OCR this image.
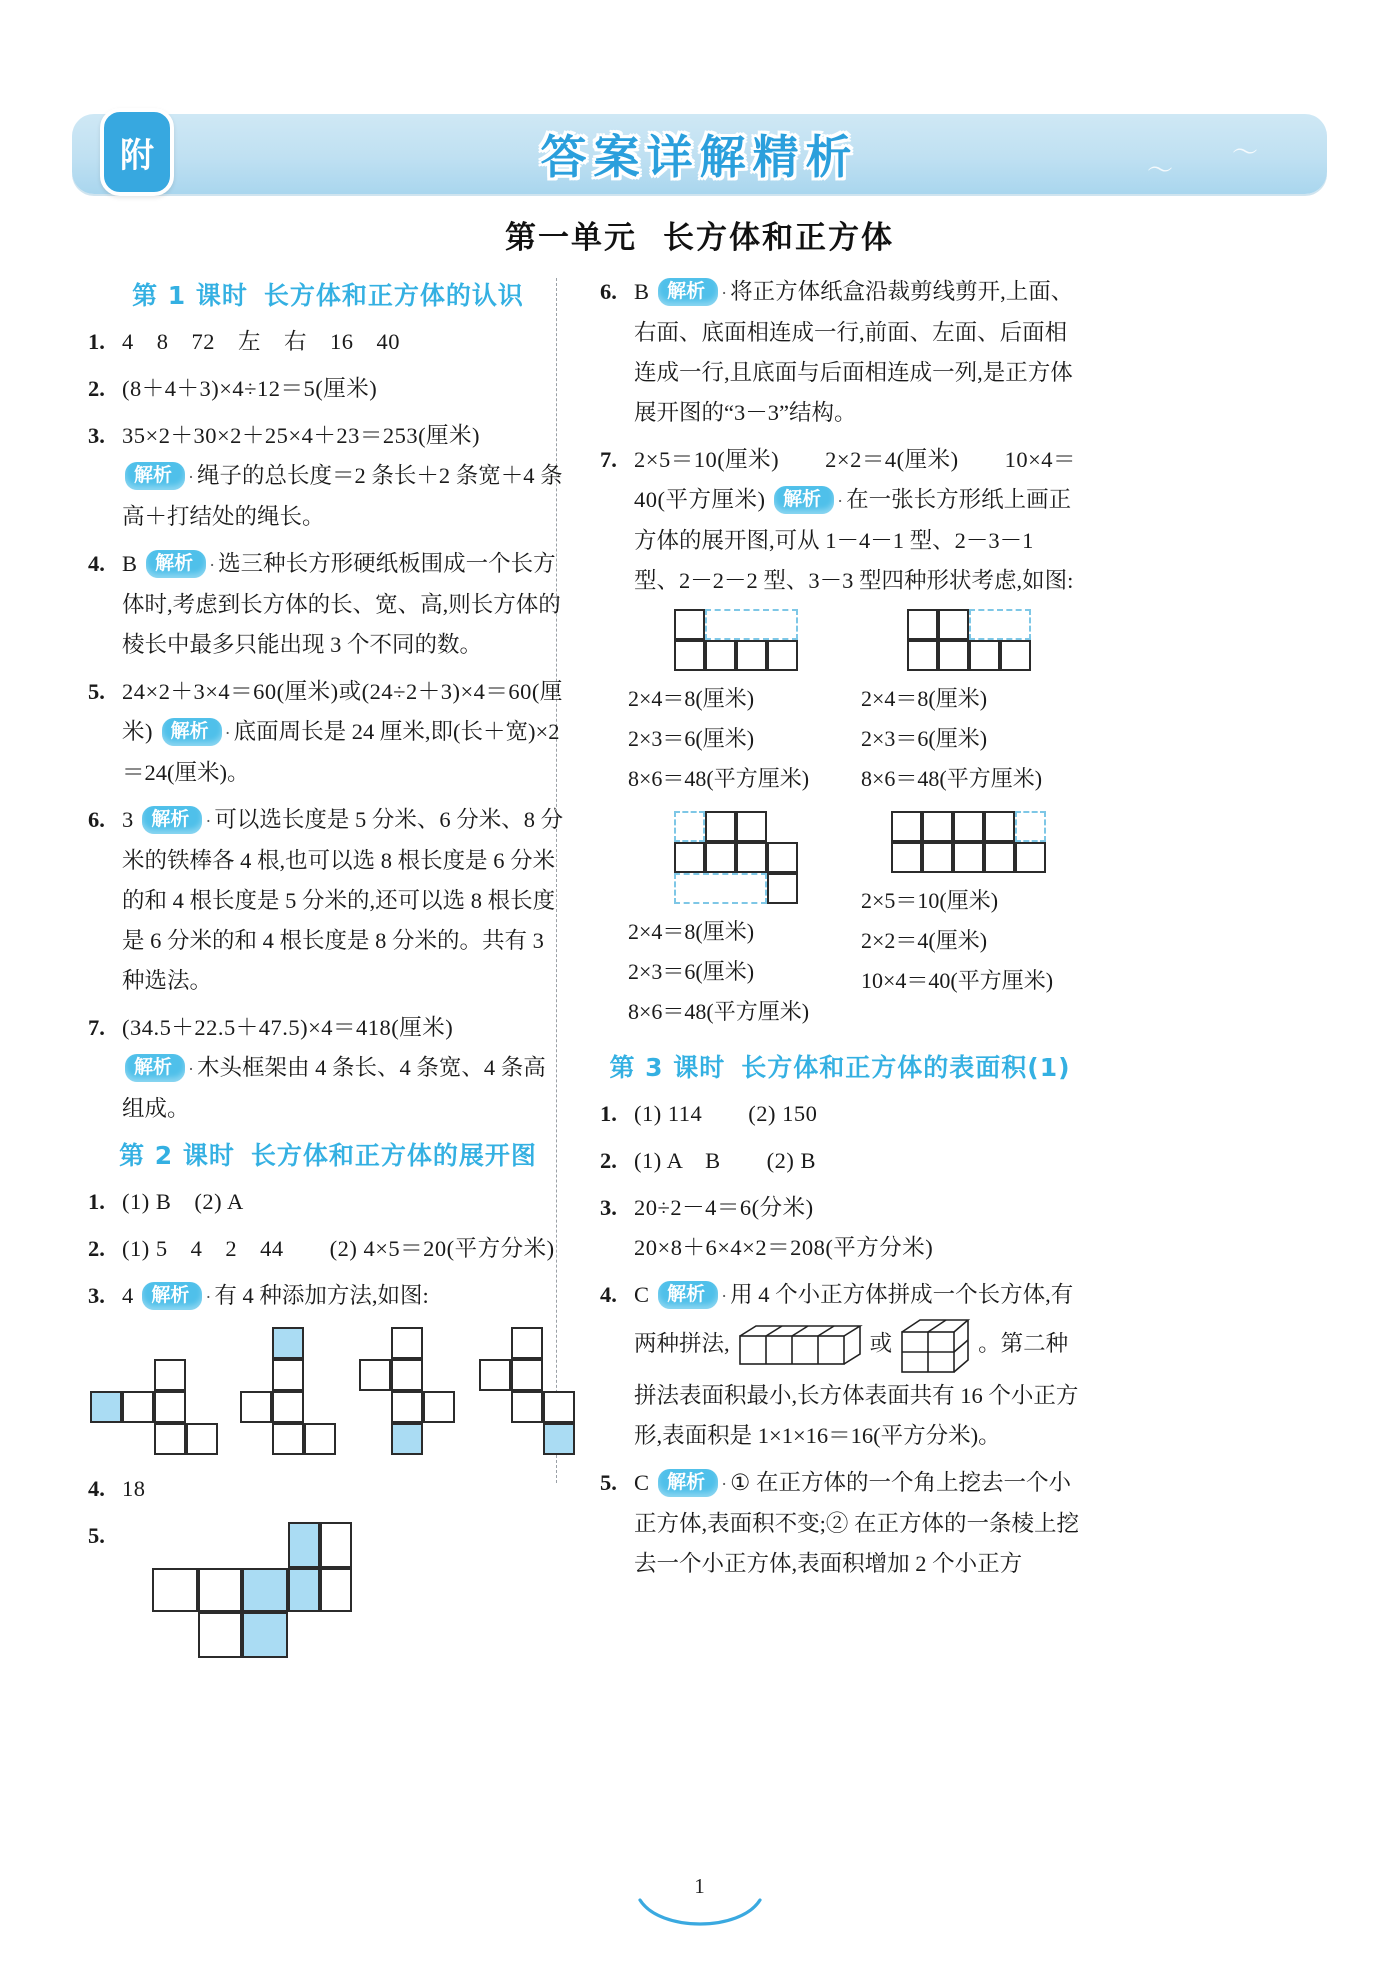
答案详解精析	〜
〜
附
第一单元 长方体和正方体
第 1 课时 长方体和正方体的认识
1. 4　8　72　左　右　16　40
2. (8＋4＋3)×4÷12＝5(厘米)
3. 35×2＋30×2＋25×4＋23＝253(厘米)
解析 · 绳子的总长度＝2 条长＋2 条宽＋4 条高＋打结处的绳长。
4. B 解析 · 选三种长方形硬纸板围成一个长方体时,考虑到长方体的长、宽、高,则长方体的棱长中最多只能出现 3 个不同的数。
5. 24×2＋3×4＝60(厘米)或(24÷2＋3)×4＝60(厘米) 解析 · 底面周长是 24 厘米,即(长＋宽)×2＝24(厘米)。
6. 3 解析 · 可以选长度是 5 分米、6 分米、8 分米的铁棒各 4 根,也可以选 8 根长度是 6 分米的和 4 根长度是 5 分米的,还可以选 8 根长度是 6 分米的和 4 根长度是 8 分米的。共有 3 种选法。
7. (34.5＋22.5＋47.5)×4＝418(厘米)
解析 · 木头框架由 4 条长、4 条宽、4 条高组成。
第 2 课时 长方体和正方体的展开图
1. (1) B　(2) A
2. (1) 5　4　2　44　　(2) 4×5＝20(平方分米)
3. 4 解析 · 有 4 种添加方法,如图:
4. 18
5.
6. B 解析 · 将正方体纸盒沿裁剪线剪开,上面、右面、底面相连成一行,前面、左面、后面相连成一行,且底面与后面相连成一列,是正方体展开图的“3－3”结构。
7. 2×5＝10(厘米)　　2×2＝4(厘米)　　10×4＝40(平方厘米) 解析 · 在一张长方形纸上画正方体的展开图,可从 1－4－1 型、2－3－1 型、2－2－2 型、3－3 型四种形状考虑,如图:
2×4＝8(厘米)
2×3＝6(厘米)
8×6＝48(平方厘米)
2×4＝8(厘米)
2×3＝6(厘米)
8×6＝48(平方厘米)
2×4＝8(厘米)
2×3＝6(厘米)
8×6＝48(平方厘米)
2×5＝10(厘米)
2×2＝4(厘米)
10×4＝40(平方厘米)
第 3 课时 长方体和正方体的表面积(1)
1. (1) 114　　(2) 150
2. (1) A　B　　(2) B
3. 20÷2－4＝6(分米)
20×8＋6×4×2＝208(平方分米)
4. C 解析 · 用 4 个小正方体拼成一个长方体,有两种拼法,	或	。第二种拼法表面积最小,长方体表面共有 16 个小正方形,表面积是 1×1×16＝16(平方分米)。
5. C 解析 · ① 在正方体的一个角上挖去一个小正方体,表面积不变;② 在正方体的一条棱上挖去一个小正方体,表面积增加 2 个小正方
1
